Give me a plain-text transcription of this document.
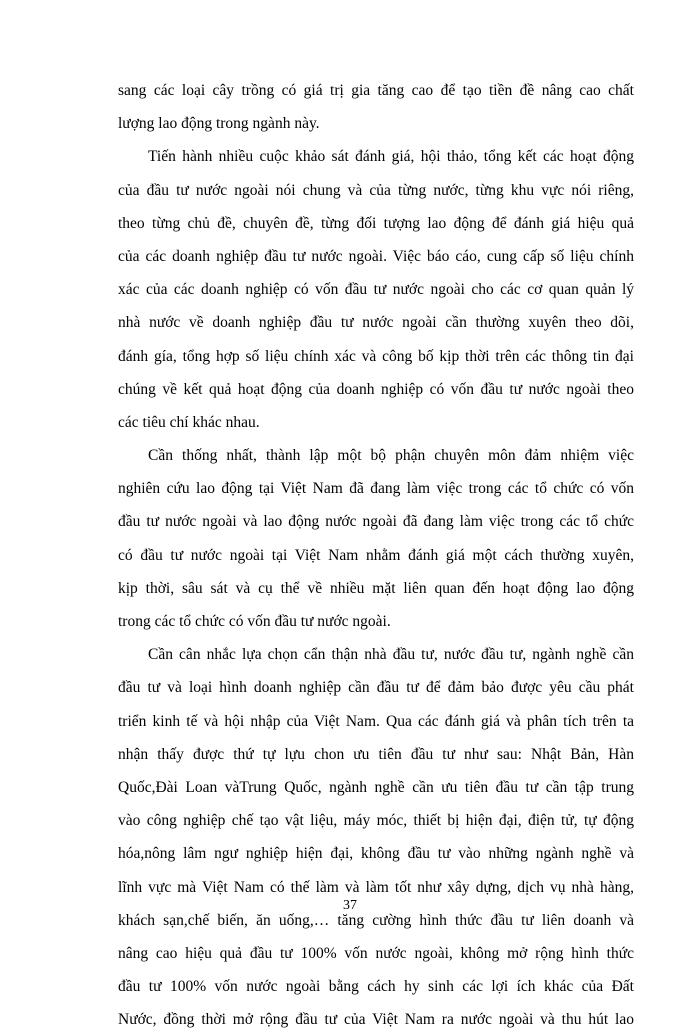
sang các loại cây trồng có giá trị gia tăng cao để tạo tiền đề nâng cao chất
lượng lao động trong ngành này.
Tiến hành nhiều cuộc khảo sát đánh giá, hội thảo, tổng kết các hoạt động
của đầu tư nước ngoài nói chung và của từng nước, từng khu vực nói riêng,
theo từng chủ đề, chuyên đề, từng đối tượng lao động để đánh giá hiệu quả
của các doanh nghiệp đầu tư nước ngoài. Việc báo cáo, cung cấp số liệu chính
xác của các doanh nghiệp có vốn đầu tư nước ngoài cho các cơ quan quản lý
nhà nước về doanh nghiệp đầu tư nước ngoài cần thường xuyên theo dõi,
đánh gía, tổng hợp số liệu chính xác và công bố kịp thời trên các thông tin đại
chúng về kết quả hoạt động của doanh nghiệp có vốn đầu tư nước ngoài theo
các tiêu chí khác nhau.
Cần thống nhất, thành lập một bộ phận chuyên môn đảm nhiệm việc
nghiên cứu lao động tại Việt Nam đã đang làm việc trong các tổ chức có vốn
đầu tư nước ngoài và lao động nước ngoài đã đang làm việc trong các tổ chức
có đầu tư nước ngoài tại Việt Nam nhằm đánh giá một cách thường xuyên,
kịp thời, sâu sát và cụ thể về nhiều mặt liên quan đến hoạt động lao động
trong các tổ chức có vốn đầu tư nước ngoài.
Cần cân nhắc lựa chọn cẩn thận nhà đầu tư, nước đầu tư, ngành nghề cần
đầu tư và loại hình doanh nghiệp cần đầu tư để đảm bảo được yêu cầu phát
triển kinh tế và hội nhập của Việt Nam. Qua các đánh giá và phân tích trên ta
nhận thấy được thứ tự lựu chon ưu tiên đầu tư như sau: Nhật Bản, Hàn
Quốc,Đài Loan vàTrung Quốc, ngành nghề cần ưu tiên đầu tư cần tập trung
vào công nghiệp chế tạo vật liệu, máy móc, thiết bị hiện đại, điện tử, tự động
hóa,nông lâm ngư nghiệp hiện đại, không đầu tư vào những ngành nghề và
lĩnh vực mà Việt Nam có thế làm và làm tốt như xây dựng, dịch vụ nhà hàng,
khách sạn,chế biến, ăn uống,… tăng cường hình thức đầu tư liên doanh và
nâng cao hiệu quả đầu tư 100% vốn nước ngoài, không mở rộng hình thức
đầu tư 100% vốn nước ngoài bằng cách hy sinh các lợi ích khác của Đất
Nước, đồng thời mở rộng đầu tư của Việt Nam ra nước ngoài và thu hút lao
37
